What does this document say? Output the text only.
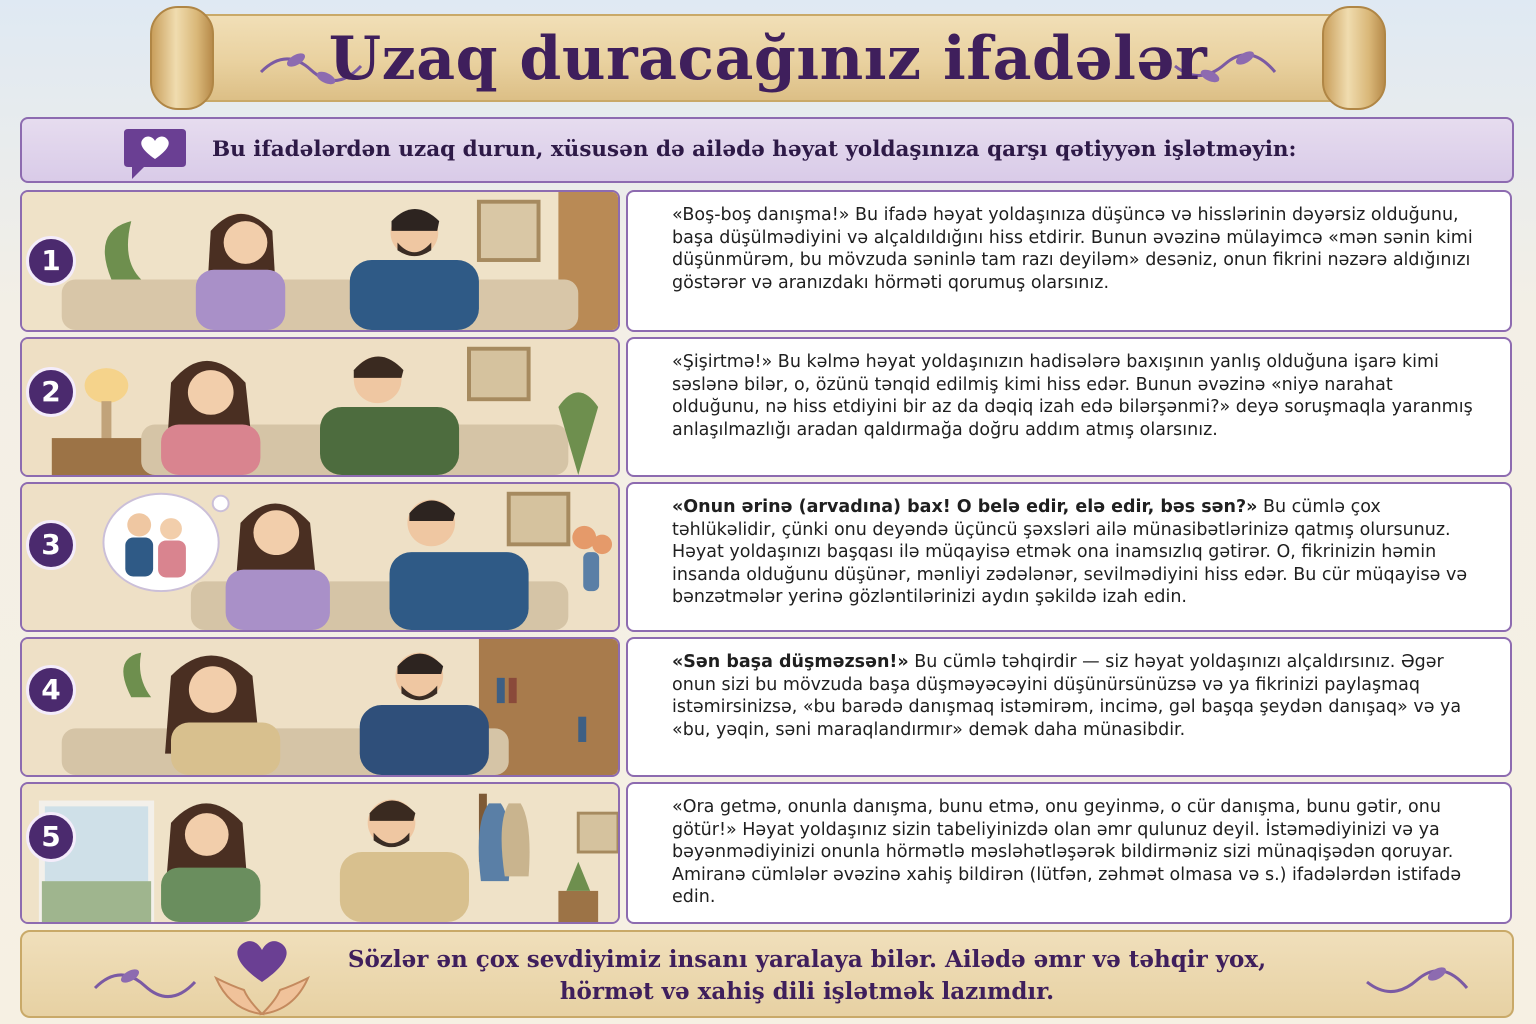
Uzaq duracağınız ifadələr
Bu ifadələrdən uzaq durun, xüsusən də ailədə həyat yoldaşınıza qarşı qətiyyən işlətməyin:
1

«Boş-boş danışma!» Bu ifadə həyat yoldaşınıza düşüncə və hisslərinin dəyərsiz olduğunu, başa düşülmədiyini və alçaldıldığını hiss etdirir. Bunun əvəzinə mülayimcə «mən sənin kimi düşünmürəm, bu mövzuda səninlə tam razı deyiləm» desəniz, onun fikrini nəzərə aldığınızı göstərər və aranızdakı hörməti qorumuş olarsınız.

2

«Şişirtmə!» Bu kəlmə həyat yoldaşınızın hadisələrə baxışının yanlış olduğuna işarə kimi səslənə bilər, o, özünü tənqid edilmiş kimi hiss edər. Bunun əvəzinə «niyə narahat olduğunu, nə hiss etdiyini bir az da dəqiq izah edə bilərşənmi?» deyə soruşmaqla yaranmış anlaşılmazlığı aradan qaldırmağa doğru addım atmış olarsınız.

3

«Onun ərinə (arvadına) bax! O belə edir, elə edir, bəs sən?» Bu cümlə çox təhlükəlidir, çünki onu deyəndə üçüncü şəxsləri ailə münasibətlərinizə qatmış olursunuz. Həyat yoldaşınızı başqası ilə müqayisə etmək ona inamsızlıq gətirər. O, fikrinizin həmin insanda olduğunu düşünər, mənliyi zədələnər, sevilmədiyini hiss edər. Bu cür müqayisə və bənzətmələr yerinə gözləntilərinizi aydın şəkildə izah edin.

4

«Sən başa düşməzsən!» Bu cümlə təhqirdir — siz həyat yoldaşınızı alçaldırsınız. Əgər onun sizi bu mövzuda başa düşməyəcəyini düşünürsünüzsə və ya fikrinizi paylaşmaq istəmirsinizsə, «bu barədə danışmaq istəmirəm, incimə, gəl başqa şeydən danışaq» və ya «bu, yəqin, səni maraqlandırmır» demək daha münasibdir.

5

«Ora getmə, onunla danışma, bunu etmə, onu geyinmə, o cür danışma, bunu gətir, onu götür!» Həyat yoldaşınız sizin tabeliyinizdə olan əmr qulunuz deyil. İstəmədiyinizi və ya bəyənmədiyinizi onunla hörmətlə məsləhətləşərək bildirməniz sizi münaqişədən qoruyar. Amiranə cümlələr əvəzinə xahiş bildirən (lütfən, zəhmət olmasa və s.) ifadələrdən istifadə edin.

Sözlər ən çox sevdiyimiz insanı yaralaya bilər. Ailədə əmr və təhqir yox,
hörmət və xahiş dili işlətmək lazımdır.
